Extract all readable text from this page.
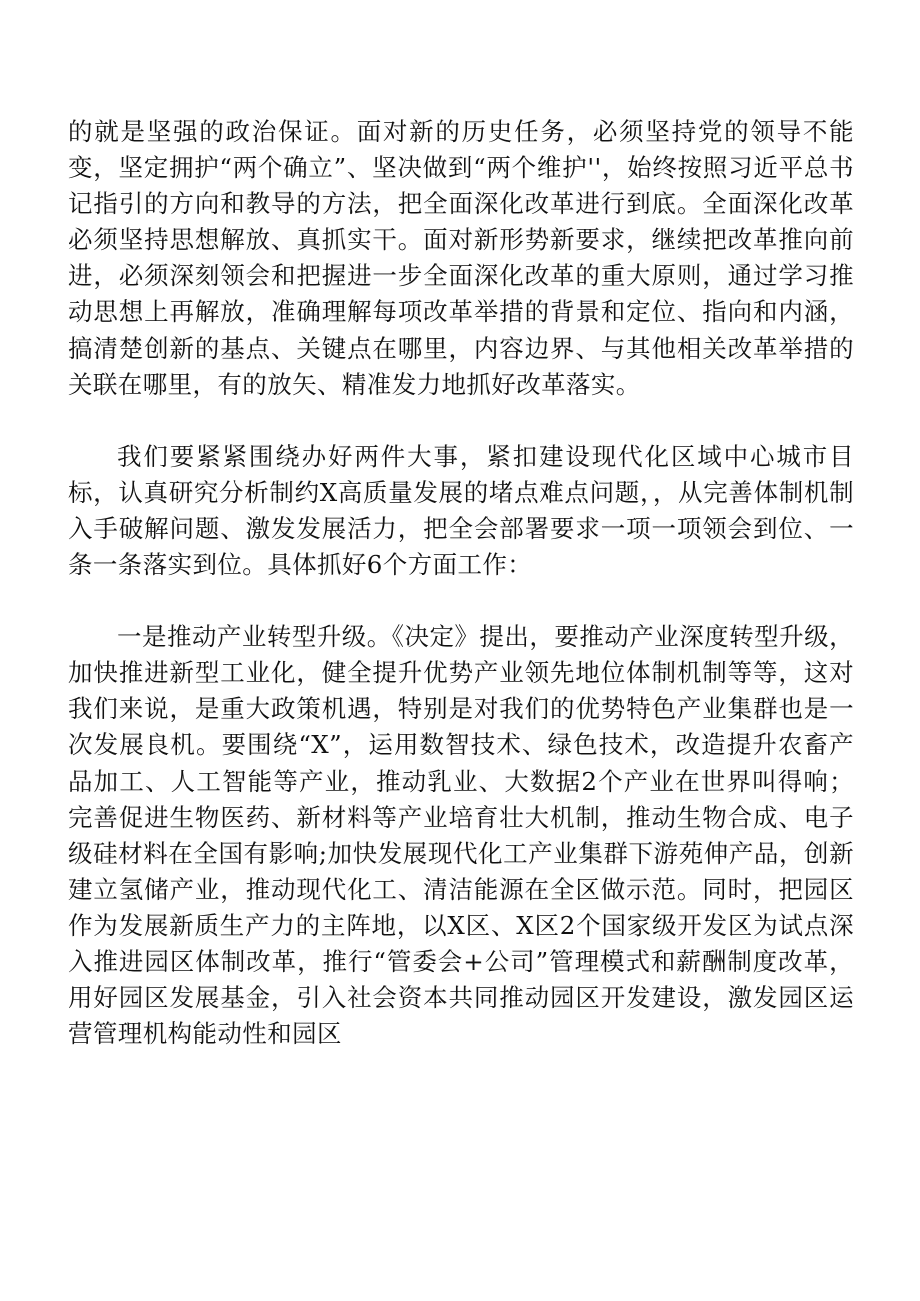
的就是坚强的政治保证。面对新的历史任务，必须坚持党的领导不能变，坚定拥护“两个确立”、坚决做到“两个维护''，始终按照习近平总书记指引的方向和教导的方法，把全面深化改革进行到底。全面深化改革必须坚持思想解放、真抓实干。面对新形势新要求，继续把改革推向前进，必须深刻领会和把握进一步全面深化改革的重大原则，通过学习推动思想上再解放，准确理解每项改革举措的背景和定位、指向和内涵，搞清楚创新的基点、关键点在哪里，内容边界、与其他相关改革举措的关联在哪里，有的放矢、精准发力地抓好改革落实。

我们要紧紧围绕办好两件大事，紧扣建设现代化区域中心城市目标，认真研究分析制约X高质量发展的堵点难点问题，，从完善体制机制入手破解问题、激发发展活力，把全会部署要求一项一项领会到位、一条一条落实到位。具体抓好6个方面工作：

一是推动产业转型升级。《决定》提出，要推动产业深度转型升级，加快推进新型工业化，健全提升优势产业领先地位体制机制等等，这对我们来说，是重大政策机遇，特别是对我们的优势特色产业集群也是一次发展良机。要围绕“X”，运用数智技术、绿色技术，改造提升农畜产品加工、人工智能等产业，推动乳业、大数据2个产业在世界叫得响；完善促进生物医药、新材料等产业培育壮大机制，推动生物合成、电子级硅材料在全国有影响;加快发展现代化工产业集群下游苑伸产品，创新建立氢储产业，推动现代化工、清洁能源在全区做示范。同时，把园区作为发展新质生产力的主阵地，以X区、X区2个国家级开发区为试点深入推进园区体制改革，推行“管委会+公司”管理模式和薪酬制度改革，用好园区发展基金，引入社会资本共同推动园区开发建设，激发园区运营管理机构能动性和园区
